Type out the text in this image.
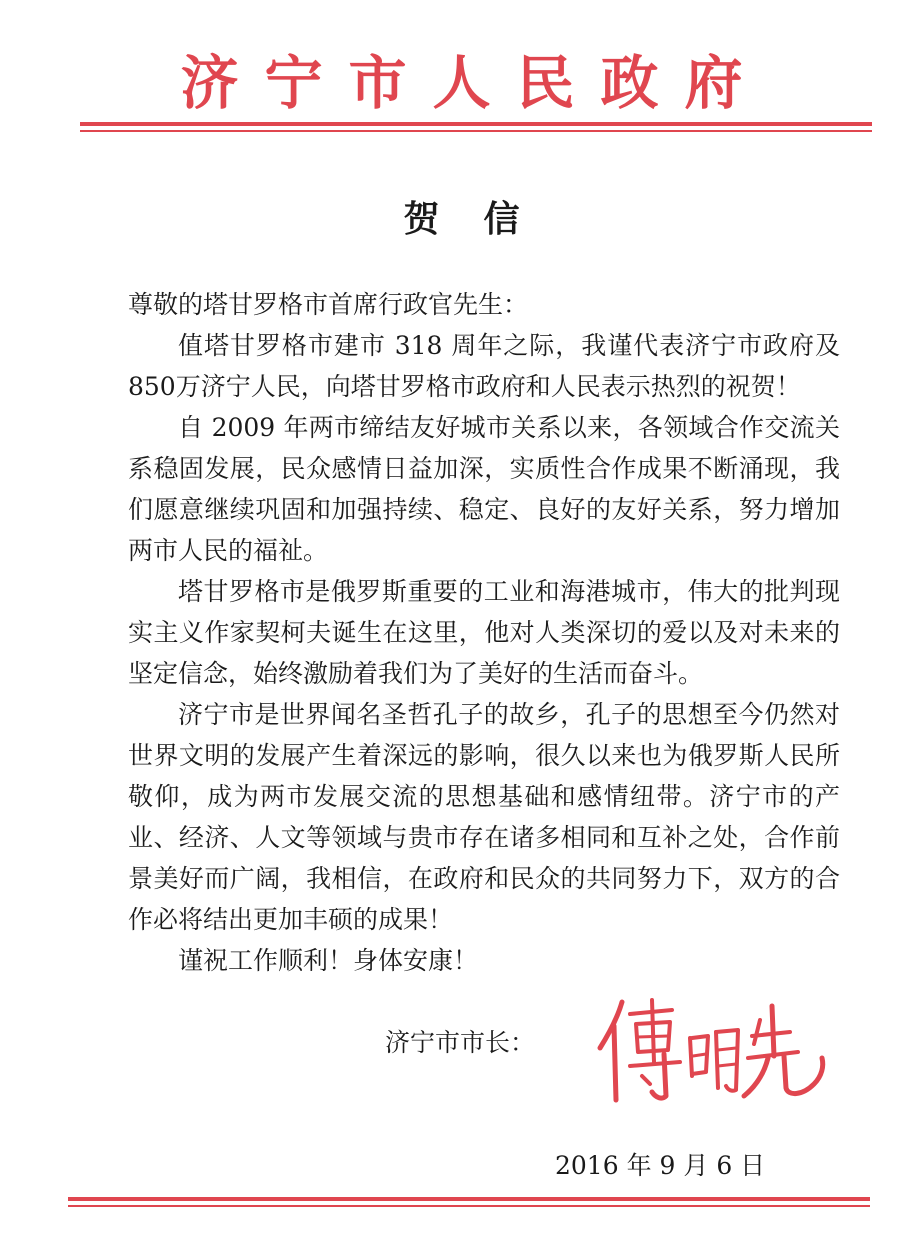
济宁市人民政府
贺信

尊敬的塔甘罗格市首席行政官先生：

值塔甘罗格市建市 318 周年之际，我谨代表济宁市政府及850万济宁人民，向塔甘罗格市政府和人民表示热烈的祝贺！

自 2009 年两市缔结友好城市关系以来，各领域合作交流关系稳固发展，民众感情日益加深，实质性合作成果不断涌现，我们愿意继续巩固和加强持续、稳定、良好的友好关系，努力增加两市人民的福祉。

塔甘罗格市是俄罗斯重要的工业和海港城市，伟大的批判现实主义作家契柯夫诞生在这里，他对人类深切的爱以及对未来的坚定信念，始终激励着我们为了美好的生活而奋斗。

济宁市是世界闻名圣哲孔子的故乡，孔子的思想至今仍然对世界文明的发展产生着深远的影响，很久以来也为俄罗斯人民所敬仰，成为两市发展交流的思想基础和感情纽带。济宁市的产业、经济、人文等领域与贵市存在诸多相同和互补之处，合作前景美好而广阔，我相信，在政府和民众的共同努力下，双方的合作必将结出更加丰硕的成果！

谨祝工作顺利！身体安康！

济宁市市长：
2016 年 9 月 6 日
